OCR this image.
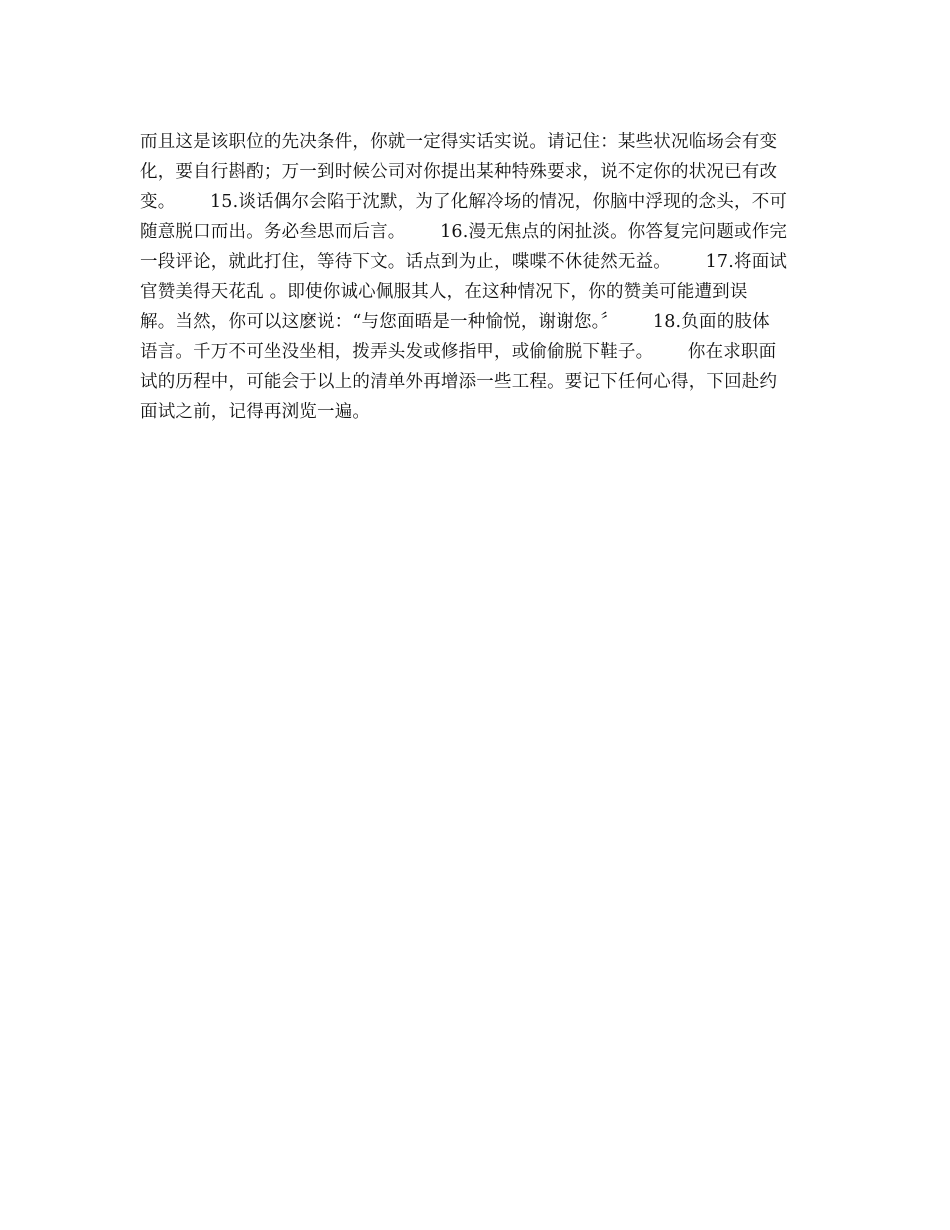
而且这是该职位的先决条件，你就一定得实话实说。请记住：某些状况临场会有变
化，要自行斟酌；万一到时候公司对你提出某种特殊要求，说不定你的状况已有改
变。      15.谈话偶尔会陷于沈默，为了化解冷场的情况，你脑中浮现的念头，不可
随意脱口而出。务必叁思而后言。      16.漫无焦点的闲扯淡。你答复完问题或作完
一段评论，就此打住，等待下文。话点到为止，喋喋不休徒然无益。      17.将面试
官赞美得天花乱 。即使你诚心佩服其人，在这种情况下，你的赞美可能遭到误
解。当然，你可以这麽说：“与您面晤是一种愉悦，谢谢您。〞      18.负面的肢体
语言。千万不可坐没坐相，拨弄头发或修指甲，或偷偷脱下鞋子。      你在求职面
试的历程中，可能会于以上的清单外再增添一些工程。要记下任何心得，下回赴约
面试之前，记得再浏览一遍。
